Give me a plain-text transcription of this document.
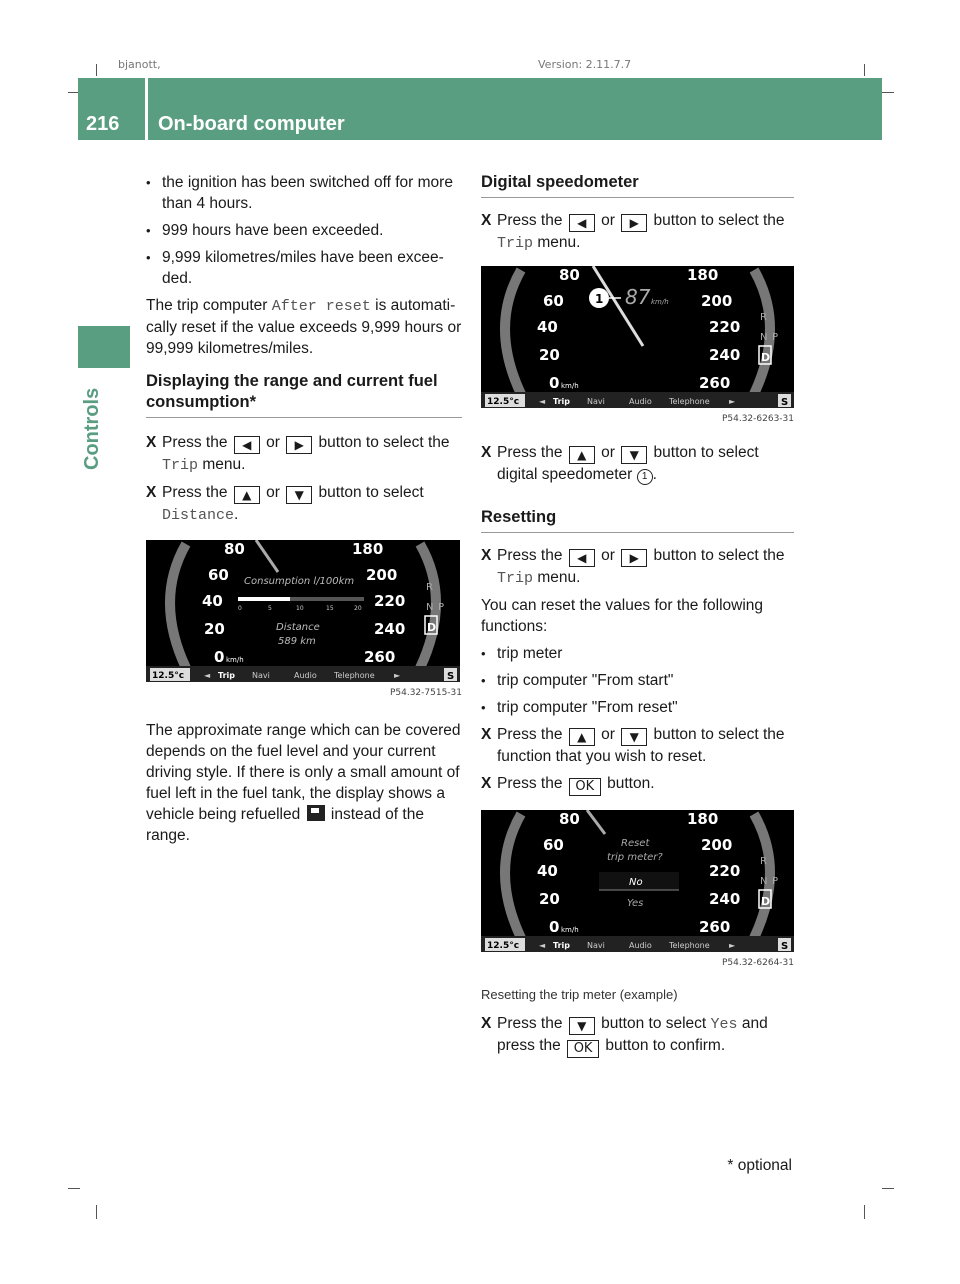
bjanott,	Version: 2.11.7.7
216 On-board computer
Controls
• the ignition has been switched off for more than 4 hours.
• 999 hours have been exceeded.
• 9,999 kilometres/miles have been excee-
ded.

The trip computer After reset is automati-cally reset if the value exceeds 9,999 hours or 99,999 kilometres/miles.

Displaying the range and current fuel
consumption*
X Press the ◀ or ▶ button to select the
Trip menu.
X Press the ▲ or ▼ button to select
Distance.
80
60
40
20
0
180
200
220
240
260
km/h
Consumption l/100km
Distance
589 km
0	5	10	15	20
R
N P
D
12.5°c ◄ Trip Navi	Audio Telephone ►	S
P54.32-7515-31

The approximate range which can be covered depends on the fuel level and your current driving style. If there is only a small amount of fuel left in the fuel tank, the display shows a vehicle being refuelled instead of the range.

Digital speedometer
X Press the ◀ or ▶ button to select the
Trip menu.
80
60
40
20
0
180
200
220
240
260
km/h
1 87 km/h
R
N P
D
12.5°c ◄ Trip Navi	Audio Telephone ►	S
P54.32-6263-31
X Press the ▲ or ▼ button to select digital speedometer 1 .
Resetting
X Press the ◀ or ▶ button to select the
Trip menu.

You can reset the values for the following functions:

• trip meter
• trip computer "From start"
• trip computer "From reset"
X Press the ▲ or ▼ button to select the function that you wish to reset.
X Press the OK button.
80
60
40
20
0
180
200
220
240
260
km/h
Reset
trip meter?
No
Yes
R
N P
D
12.5°c ◄ Trip Navi	Audio Telephone ►	S
P54.32-6264-31
Resetting the trip meter (example)
X Press the ▼ button to select Yes and press the OK button to confirm.
* optional
